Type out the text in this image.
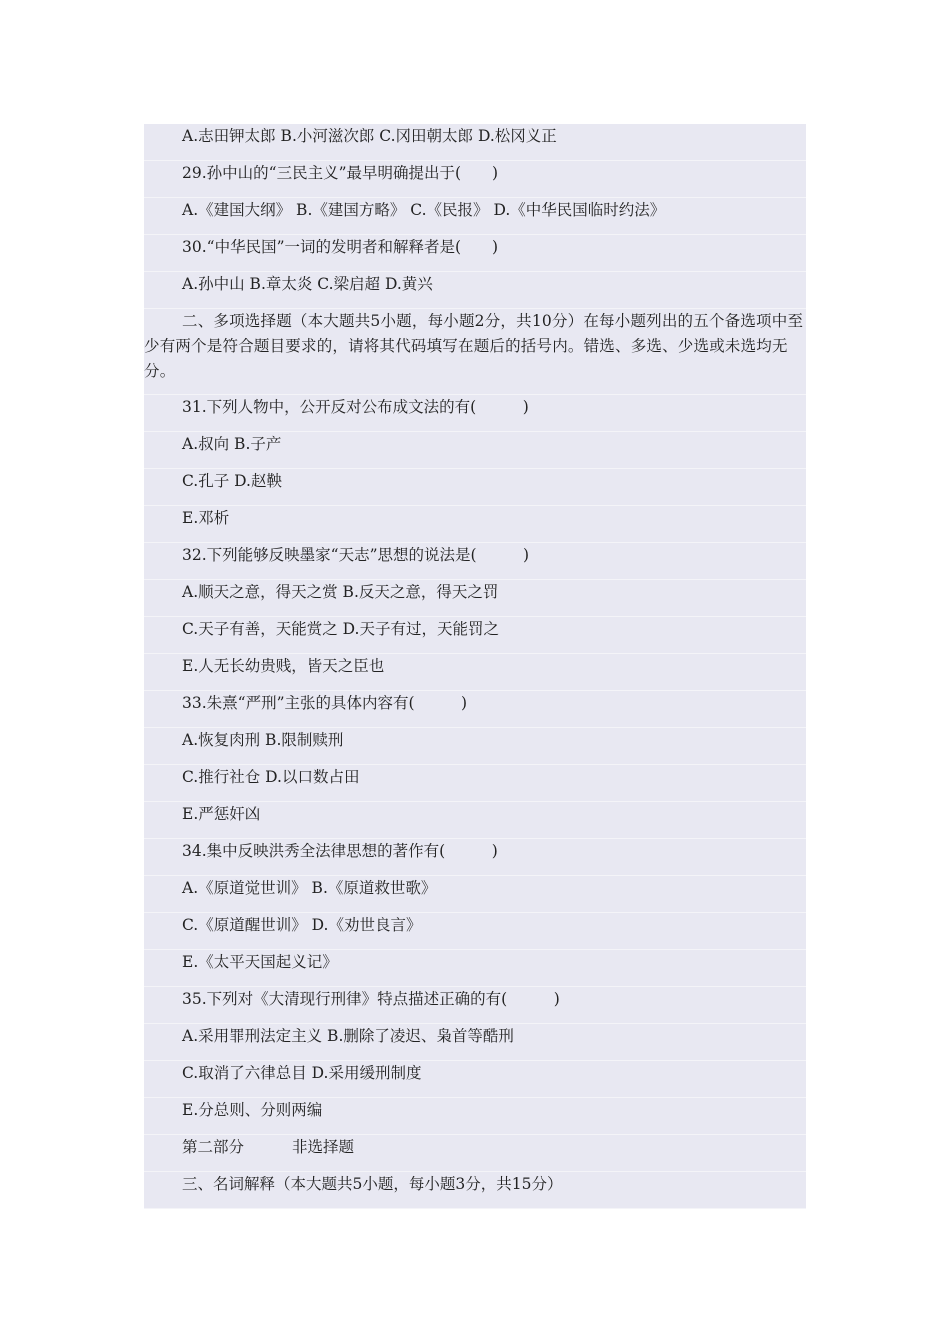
A.志田钾太郎 B.小河滋次郎 C.冈田朝太郎 D.松冈义正
29.孙中山的“三民主义”最早明确提出于(　　)
A.《建国大纲》 B.《建国方略》 C.《民报》 D.《中华民国临时约法》
30.“中华民国”一词的发明者和解释者是(　　)
A.孙中山 B.章太炎 C.梁启超 D.黄兴
二、多项选择题（本大题共5小题，每小题2分，共10分）在每小题列出的五个备选项中至少有两个是符合题目要求的，请将其代码填写在题后的括号内。错选、多选、少选或未选均无分。
31.下列人物中，公开反对公布成文法的有(　　　)
A.叔向 B.子产
C.孔子 D.赵鞅
E.邓析
32.下列能够反映墨家“天志”思想的说法是(　　　)
A.顺天之意，得天之赏 B.反天之意，得天之罚
C.天子有善，天能赏之 D.天子有过，天能罚之
E.人无长幼贵贱，皆天之臣也
33.朱熹“严刑”主张的具体内容有(　　　)
A.恢复肉刑 B.限制赎刑
C.推行社仓 D.以口数占田
E.严惩奸凶
34.集中反映洪秀全法律思想的著作有(　　　)
A.《原道觉世训》 B.《原道救世歌》
C.《原道醒世训》 D.《劝世良言》
E.《太平天国起义记》
35.下列对《大清现行刑律》特点描述正确的有(　　　)
A.采用罪刑法定主义 B.删除了凌迟、枭首等酷刑
C.取消了六律总目 D.采用缓刑制度
E.分总则、分则两编
第二部分	非选择题
三、名词解释（本大题共5小题，每小题3分，共15分）
